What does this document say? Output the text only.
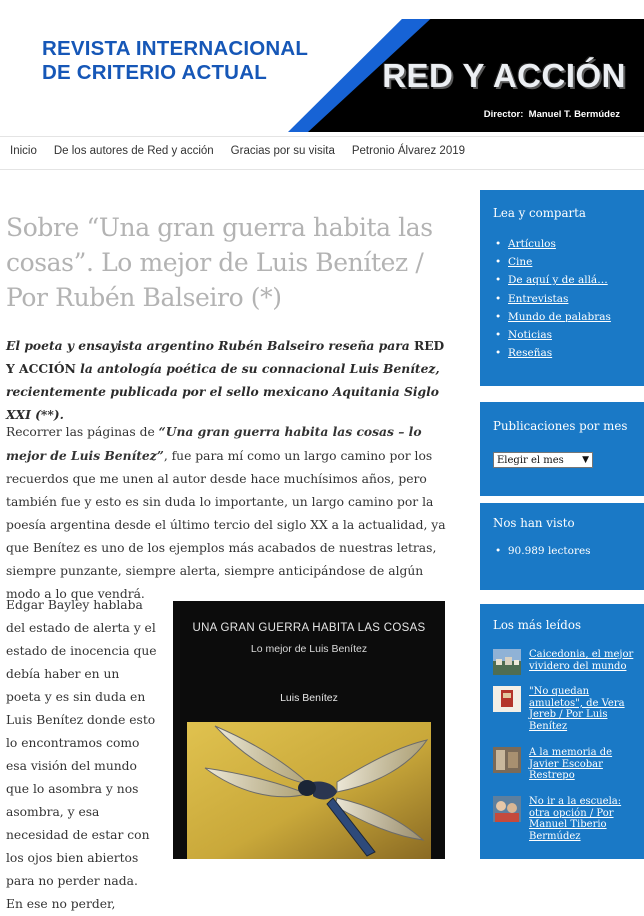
REVISTA INTERNACIONAL DE CRITERIO ACTUAL	RED Y ACCIÓN
Director: Manuel T. Bermúdez
Inicio De los autores de Red y acción Gracias por su visita Petronio Álvarez 2019
Sobre “Una gran guerra habita las cosas”. Lo mejor de Luis Benítez / Por Rubén Balseiro (*)

El poeta y ensayista argentino Rubén Balseiro reseña para RED Y ACCIÓN la antología poética de su connacional Luis Benítez, recientemente publicada por el sello mexicano Aquitania Siglo XXI (**).

Recorrer las páginas de “Una gran guerra habita las cosas – lo mejor de Luis Benítez”, fue para mí como un largo camino por los recuerdos que me unen al autor desde hace muchísimos años, pero también fue y esto es sin duda lo importante, un largo camino por la poesía argentina desde el último tercio del siglo XX a la actualidad, ya que Benítez es uno de los ejemplos más acabados de nuestras letras, siempre punzante, siempre alerta, siempre anticipándose de algún modo a lo que vendrá.

Edgar Bayley hablaba del estado de alerta y el estado de inocencia que debía haber en un poeta y es sin duda en Luis Benítez donde esto lo encontramos como esa visión del mundo que lo asombra y nos asombra, y esa necesidad de estar con los ojos bien abiertos para no perder nada. En ese no perder,

UNA GRAN GUERRA HABITA LAS COSAS
Lo mejor de Luis Benítez
Luis Benítez
Lea y comparta
• Artículos
• Cine
• De aquí y de allá…
• Entrevistas
• Mundo de palabras
• Noticias
• Reseñas
Publicaciones por mes
Elegir el mes ▼
Nos han visto
•  90.989 lectores
Los más leídos
Caicedonia, el mejor vividero del mundo
"No quedan amuletos", de Vera Jereb / Por Luis Benítez
A la memoria de Javier Escobar Restrepo
No ir a la escuela: otra opción / Por Manuel Tiberio Bermúdez
